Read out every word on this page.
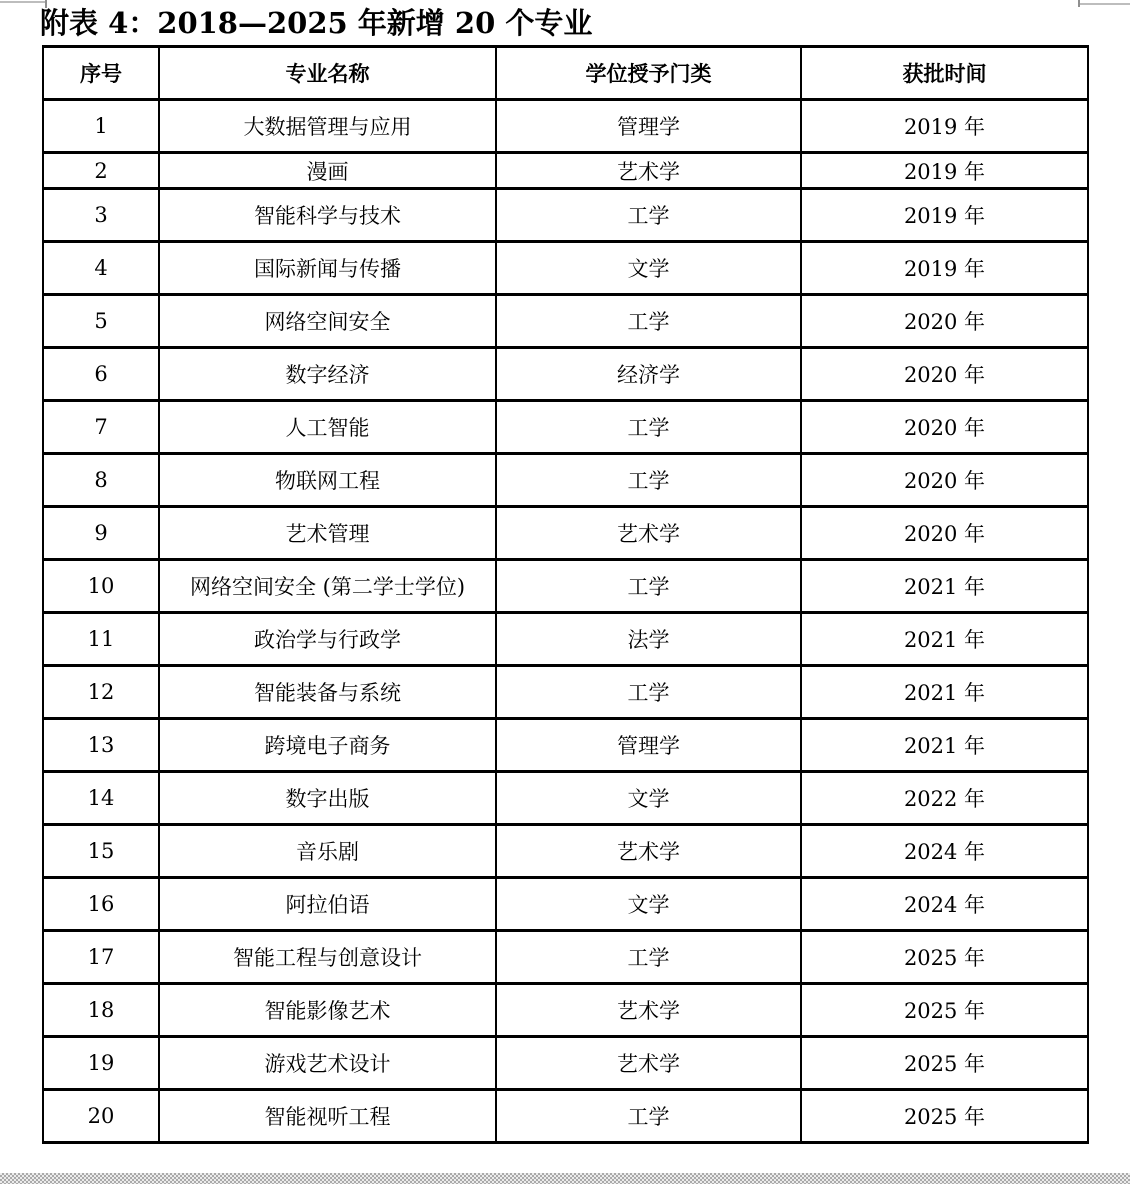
附表 4：2018—2025 年新增 20 个专业
序号	专业名称	学位授予门类	获批时间
1	大数据管理与应用	管理学	2019 年
2	漫画	艺术学	2019 年
3	智能科学与技术	工学	2019 年
4	国际新闻与传播	文学	2019 年
5	网络空间安全	工学	2020 年
6	数字经济	经济学	2020 年
7	人工智能	工学	2020 年
8	物联网工程	工学	2020 年
9	艺术管理	艺术学	2020 年
10	网络空间安全 (第二学士学位)	工学	2021 年
11	政治学与行政学	法学	2021 年
12	智能装备与系统	工学	2021 年
13	跨境电子商务	管理学	2021 年
14	数字出版	文学	2022 年
15	音乐剧	艺术学	2024 年
16	阿拉伯语	文学	2024 年
17	智能工程与创意设计	工学	2025 年
18	智能影像艺术	艺术学	2025 年
19	游戏艺术设计	艺术学	2025 年
20	智能视听工程	工学	2025 年
